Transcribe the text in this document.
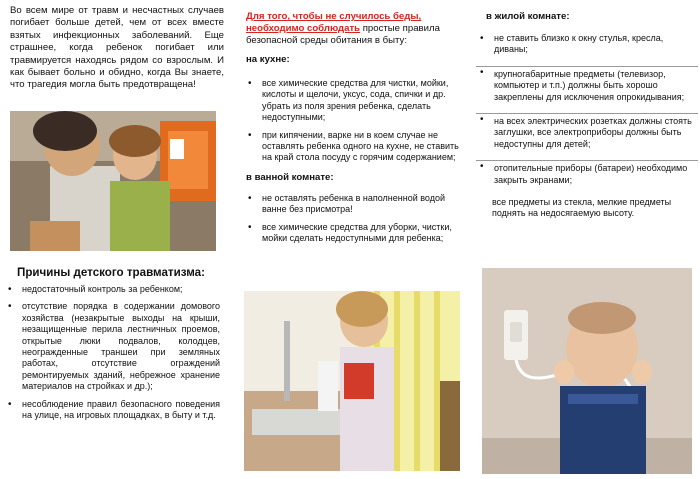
Во всем мире от травм и несчастных случаев погибает больше детей, чем от всех вместе взятых инфекционных заболеваний. Еще страшнее, когда ребенок погибает или травмируется находясь рядом со взрослым. И как бывает больно и обидно, когда Вы знаете, что трагедия могла быть предотвращена!

Причины детского травматизма:
• недостаточный контроль за ребенком;
• отсутствие порядка в содержании домового хозяйства (незакрытые выходы на крыши, незащищенные перила лестничных проемов, открытые люки подвалов, колодцев, неогражденные траншеи при земляных работах, отсутствие ограждений ремонтируемых зданий, небрежное хранение материалов на стройках и др.);
• несоблюдение правил безопасного поведения на улице, на игровых площадках, в быту и т.д.

Для того, чтобы не случилось беды, необходимо соблюдать простые правила безопасной среды обитания в быту:

на кухне:
• все химические средства для чистки, мойки, кислоты и щелочи, уксус, сода, спички и др. убрать из поля зрения ребенка, сделать недоступными;
• при кипячении, варке ни в коем случае не оставлять ребенка одного на кухне, не ставить на край стола посуду с горячим содержанием;
в ванной комнате:
• не оставлять ребенка в наполненной водой ванне без присмотра!
• все химические средства для уборки, чистки, мойки сделать недоступными для ребенка;
в жилой комнате:
• не ставить близко к окну стулья, кресла, диваны;
• крупногабаритные предметы (телевизор, компьютер и т.п.) должны быть хорошо закреплены для исключения опрокидывания;
• на всех электрических розетках должны стоять заглушки, все электроприборы должны быть недоступны для детей;
• отопительные приборы (батареи) необходимо закрыть экранами;

все предметы из стекла, мелкие предметы поднять на недосягаемую высоту.
